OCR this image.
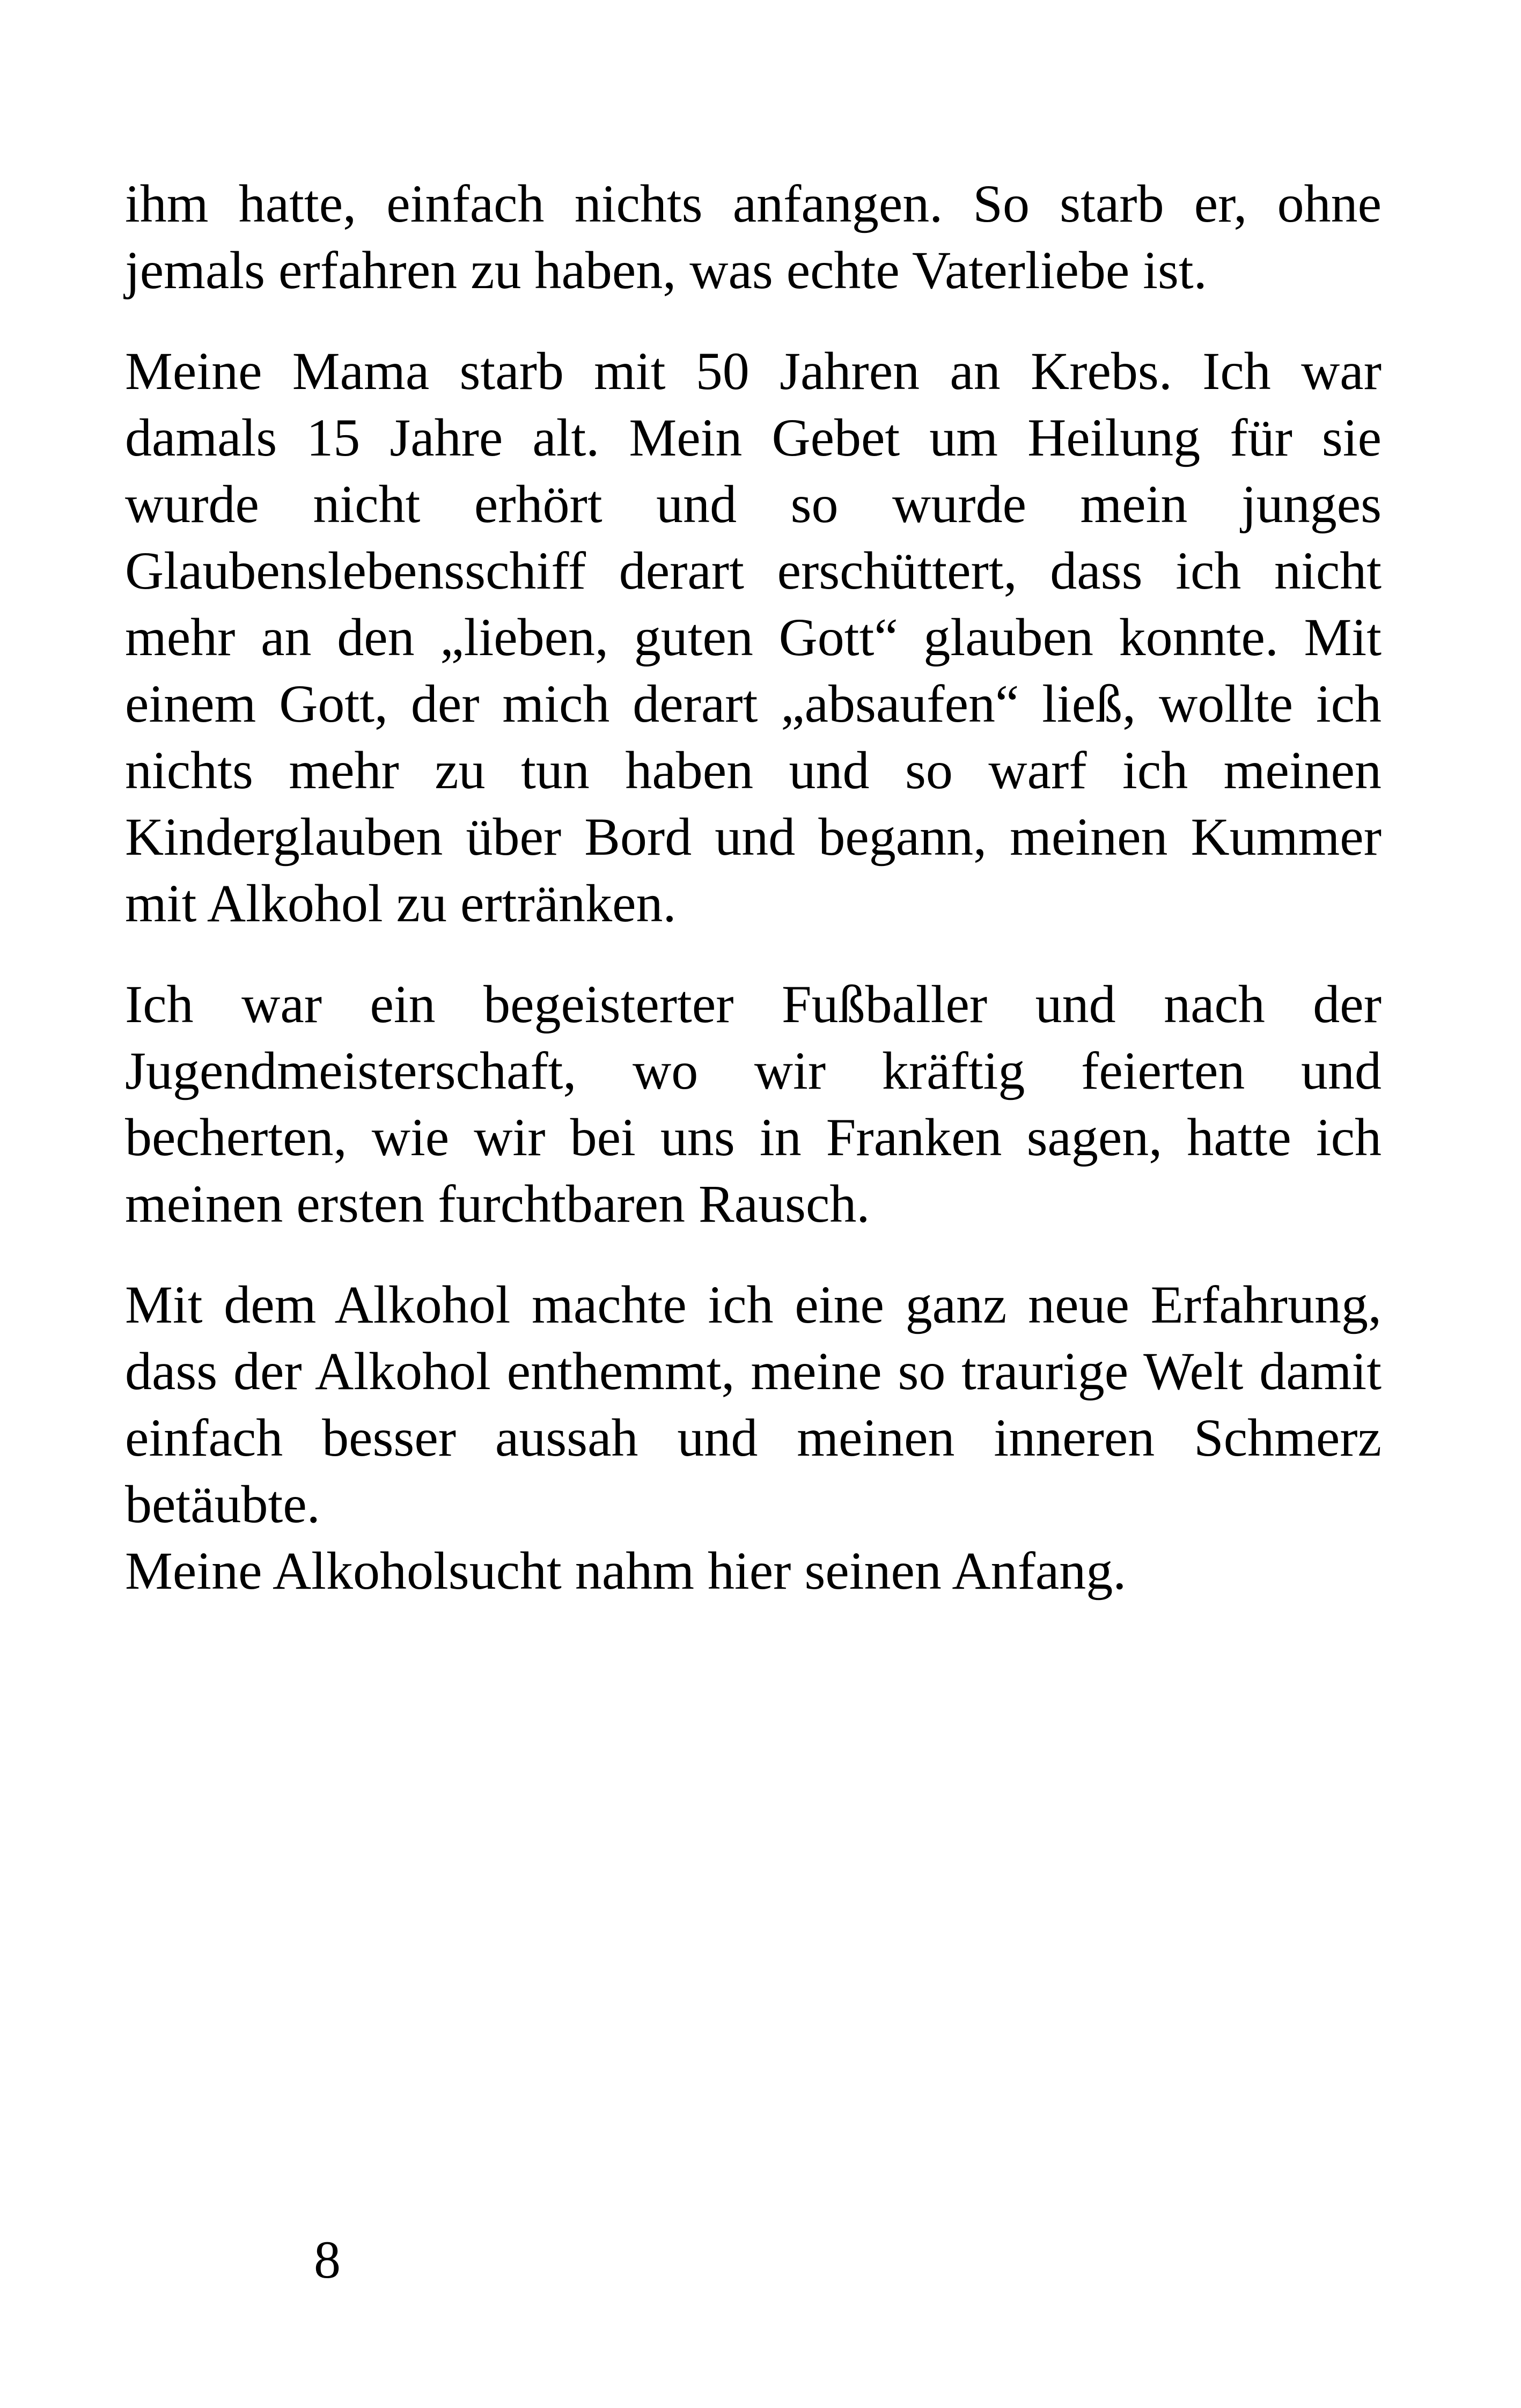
ihm hatte, einfach nichts anfangen. So starb er, ohne jemals erfahren zu haben, was echte Vaterliebe ist.

Meine Mama starb mit 50 Jahren an Krebs. Ich war damals 15 Jahre alt. Mein Gebet um Heilung für sie wurde nicht erhört und so wurde mein junges Glaubenslebensschiff derart erschüttert, dass ich nicht mehr an den „lieben, guten Gott“ glauben konnte. Mit einem Gott, der mich derart „absaufen“ ließ, wollte ich nichts mehr zu tun haben und so warf ich meinen Kinderglauben über Bord und begann, meinen Kummer mit Alkohol zu ertränken.

Ich war ein begeisterter Fußballer und nach der Jugendmeisterschaft, wo wir kräftig feierten und becherten, wie wir bei uns in Franken sagen, hatte ich meinen ersten furchtbaren Rausch.

Mit dem Alkohol machte ich eine ganz neue Erfahrung, dass der Alkohol enthemmt, meine so traurige Welt damit einfach besser aussah und meinen inneren Schmerz betäubte.

Meine Alkoholsucht nahm hier seinen Anfang.

8
